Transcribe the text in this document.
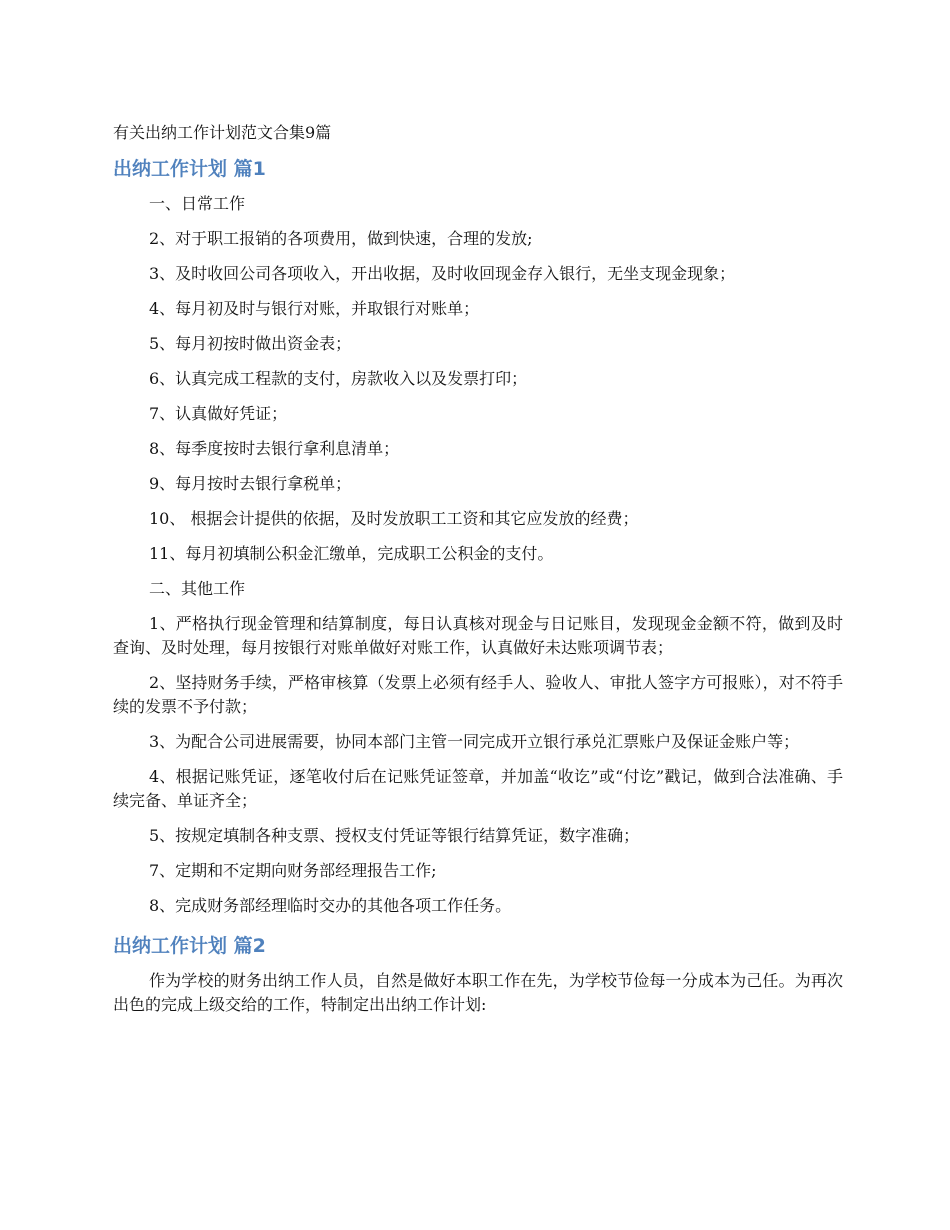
有关出纳工作计划范文合集9篇
出纳工作计划 篇1

一、日常工作

2、对于职工报销的各项费用，做到快速，合理的发放;

3、及时收回公司各项收入，开出收据，及时收回现金存入银行，无坐支现金现象；

4、每月初及时与银行对账，并取银行对账单；

5、每月初按时做出资金表；

6、认真完成工程款的支付，房款收入以及发票打印；

7、认真做好凭证；

8、每季度按时去银行拿利息清单；

9、每月按时去银行拿税单；

10、 根据会计提供的依据，及时发放职工工资和其它应发放的经费；

11、每月初填制公积金汇缴单，完成职工公积金的支付。

二、其他工作

1、严格执行现金管理和结算制度，每日认真核对现金与日记账目，发现现金金额不符，做到及时查询、及时处理，每月按银行对账单做好对账工作，认真做好未达账项调节表；

2、坚持财务手续，严格审核算（发票上必须有经手人、验收人、审批人签字方可报账），对不符手续的发票不予付款；

3、为配合公司进展需要，协同本部门主管一同完成开立银行承兑汇票账户及保证金账户等；

4、根据记账凭证，逐笔收付后在记账凭证签章，并加盖“收讫”或“付讫”戳记，做到合法准确、手续完备、单证齐全；

5、按规定填制各种支票、授权支付凭证等银行结算凭证，数字准确；

7、定期和不定期向财务部经理报告工作;

8、完成财务部经理临时交办的其他各项工作任务。

出纳工作计划 篇2

作为学校的财务出纳工作人员，自然是做好本职工作在先，为学校节俭每一分成本为己任。为再次出色的完成上级交给的工作，特制定出出纳工作计划:
